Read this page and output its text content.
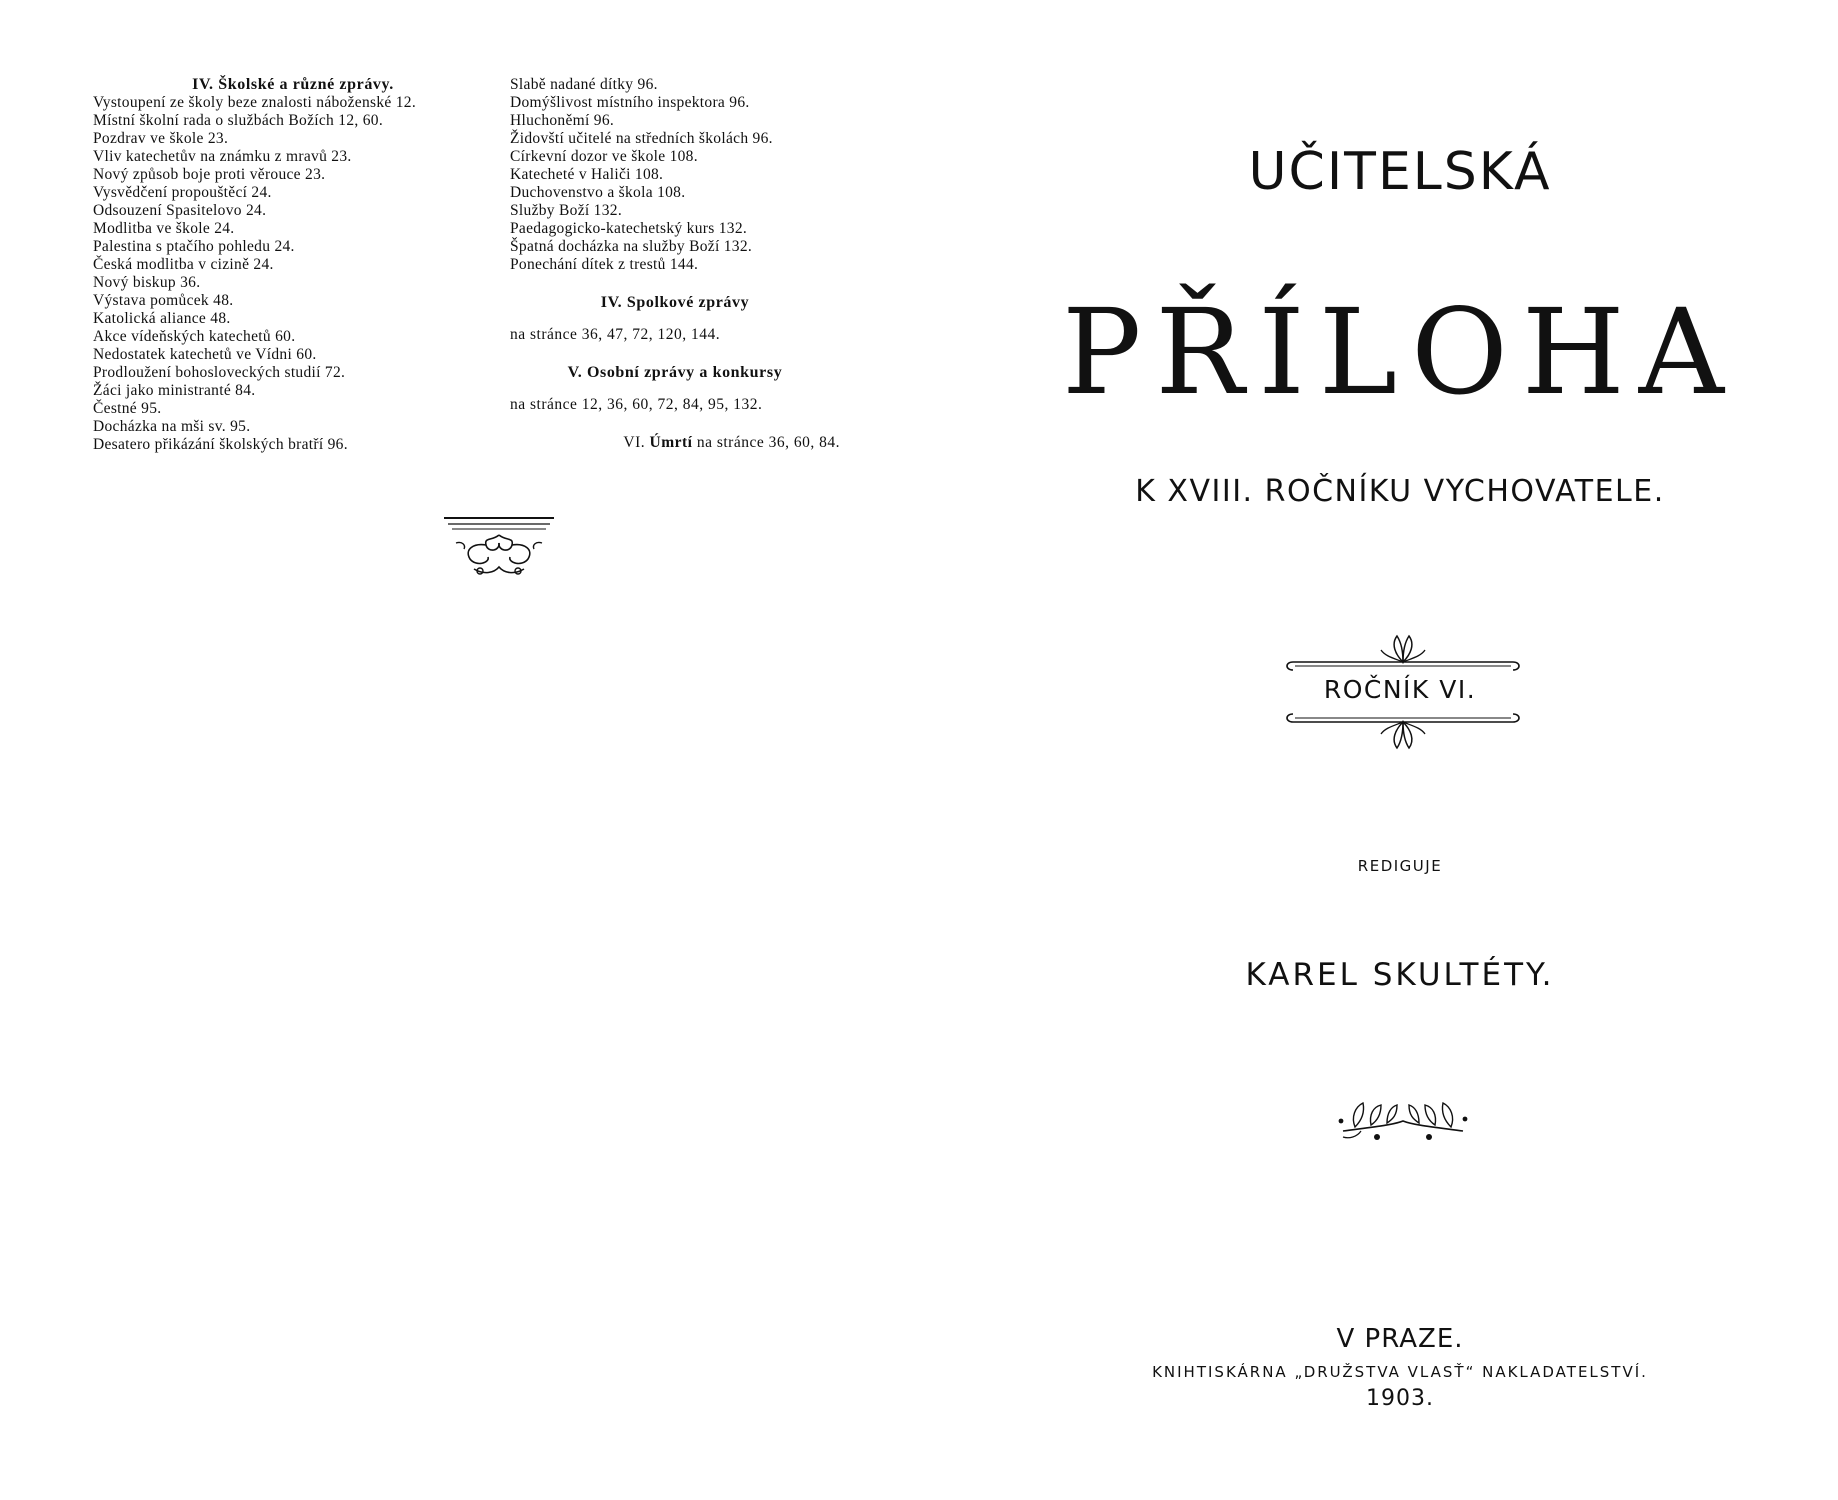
IV. Školské a různé zprávy.
Vystoupení ze školy beze znalosti náboženské 12.
Místní školní rada o službách Božích 12, 60.
Pozdrav ve škole 23.
Vliv katechetův na známku z mravů 23.
Nový způsob boje proti věrouce 23.
Vysvědčení propouštěcí 24.
Odsouzení Spasitelovo 24.
Modlitba ve škole 24.
Palestina s ptačího pohledu 24.
Česká modlitba v cizině 24.
Nový biskup 36.
Výstava pomůcek 48.
Katolická aliance 48.
Akce vídeňských katechetů 60.
Nedostatek katechetů ve Vídni 60.
Prodloužení bohosloveckých studií 72.
Žáci jako ministranté 84.
Čestné 95.
Docházka na mši sv. 95.
Desatero přikázání školských bratří 96.
Slabě nadané dítky 96.
Domýšlivost místního inspektora 96.
Hluchoněmí 96.
Židovští učitelé na středních školách 96.
Církevní dozor ve škole 108.
Katecheté v Haliči 108.
Duchovenstvo a škola 108.
Služby Boží 132.
Paedagogicko-katechetský kurs 132.
Špatná docházka na služby Boží 132.
Ponechání dítek z trestů 144.
IV. Spolkové zprávy
na stránce 36, 47, 72, 120, 144.
V. Osobní zprávy a konkursy
na stránce 12, 36, 60, 72, 84, 95, 132.
VI. Úmrtí na stránce 36, 60, 84.
UČITELSKÁ
PŘÍLOHA
K XVIII. ROČNÍKU VYCHOVATELE.
ROČNÍK VI.
REDIGUJE
KAREL SKULTÉTY.
V PRAZE.
KNIHTISKÁRNA „DRUŽSTVA VLASŤ“ NAKLADATELSTVÍ.
1903.
